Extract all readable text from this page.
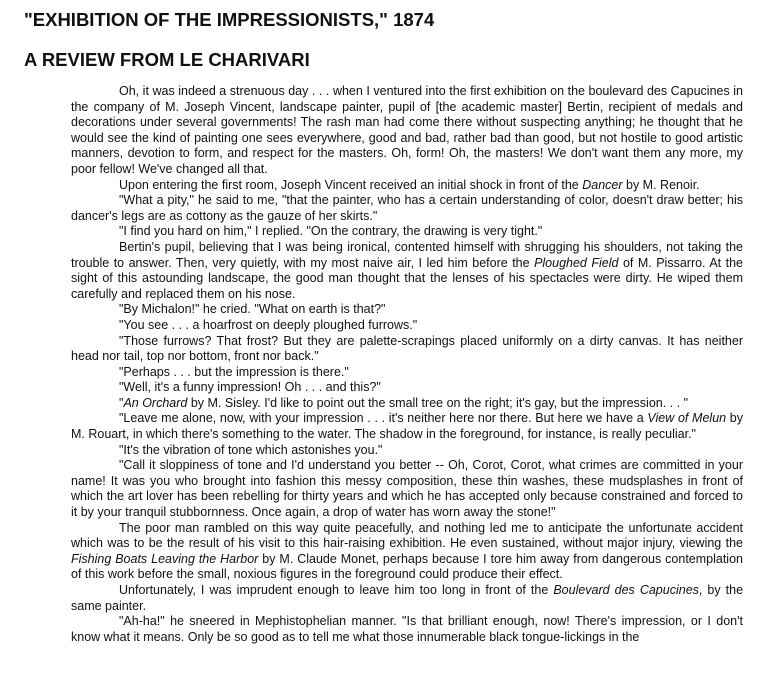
"EXHIBITION OF THE IMPRESSIONISTS," 1874
A REVIEW FROM LE CHARIVARI

Oh, it was indeed a strenuous day . . . when I ventured into the first exhibition on the boulevard des Capucines in the company of M. Joseph Vincent, landscape painter, pupil of [the academic master] Bertin, recipient of medals and decorations under several governments! The rash man had come there without suspecting anything; he thought that he would see the kind of painting one sees everywhere, good and bad, rather bad than good, but not hostile to good artistic manners, devotion to form, and respect for the masters. Oh, form! Oh, the masters! We don't want them any more, my poor fellow! We've changed all that.

Upon entering the first room, Joseph Vincent received an initial shock in front of the Dancer by M. Renoir.

"What a pity," he said to me, "that the painter, who has a certain understanding of color, doesn't draw better; his dancer's legs are as cottony as the gauze of her skirts."

"I find you hard on him," I replied. "On the contrary, the drawing is very tight."

Bertin's pupil, believing that I was being ironical, contented himself with shrugging his shoulders, not taking the trouble to answer. Then, very quietly, with my most naive air, I led him before the Ploughed Field of M. Pissarro. At the sight of this astounding landscape, the good man thought that the lenses of his spectacles were dirty. He wiped them carefully and replaced them on his nose.

"By Michalon!" he cried. "What on earth is that?"

"You see . . . a hoarfrost on deeply ploughed furrows."

"Those furrows? That frost? But they are palette-scrapings placed uniformly on a dirty canvas. It has neither head nor tail, top nor bottom, front nor back."

"Perhaps . . . but the impression is there."

"Well, it's a funny impression! Oh . . . and this?"

"An Orchard by M. Sisley. I'd like to point out the small tree on the right; it's gay, but the impression. . . "

"Leave me alone, now, with your impression . . . it's neither here nor there. But here we have a View of Melun by M. Rouart, in which there's something to the water. The shadow in the foreground, for instance, is really peculiar."

"It's the vibration of tone which astonishes you."

"Call it sloppiness of tone and I'd understand you better -- Oh, Corot, Corot, what crimes are committed in your name! It was you who brought into fashion this messy composition, these thin washes, these mudsplashes in front of which the art lover has been rebelling for thirty years and which he has accepted only because constrained and forced to it by your tranquil stubbornness. Once again, a drop of water has worn away the stone!"

The poor man rambled on this way quite peacefully, and nothing led me to anticipate the unfortunate accident which was to be the result of his visit to this hair-raising exhibition. He even sustained, without major injury, viewing the Fishing Boats Leaving the Harbor by M. Claude Monet, perhaps because I tore him away from dangerous contemplation of this work before the small, noxious figures in the foreground could produce their effect.

Unfortunately, I was imprudent enough to leave him too long in front of the Boulevard des Capucines, by the same painter.

"Ah-ha!" he sneered in Mephistophelian manner. "Is that brilliant enough, now! There's impression, or I don't know what it means. Only be so good as to tell me what those innumerable black tongue-lickings in the
